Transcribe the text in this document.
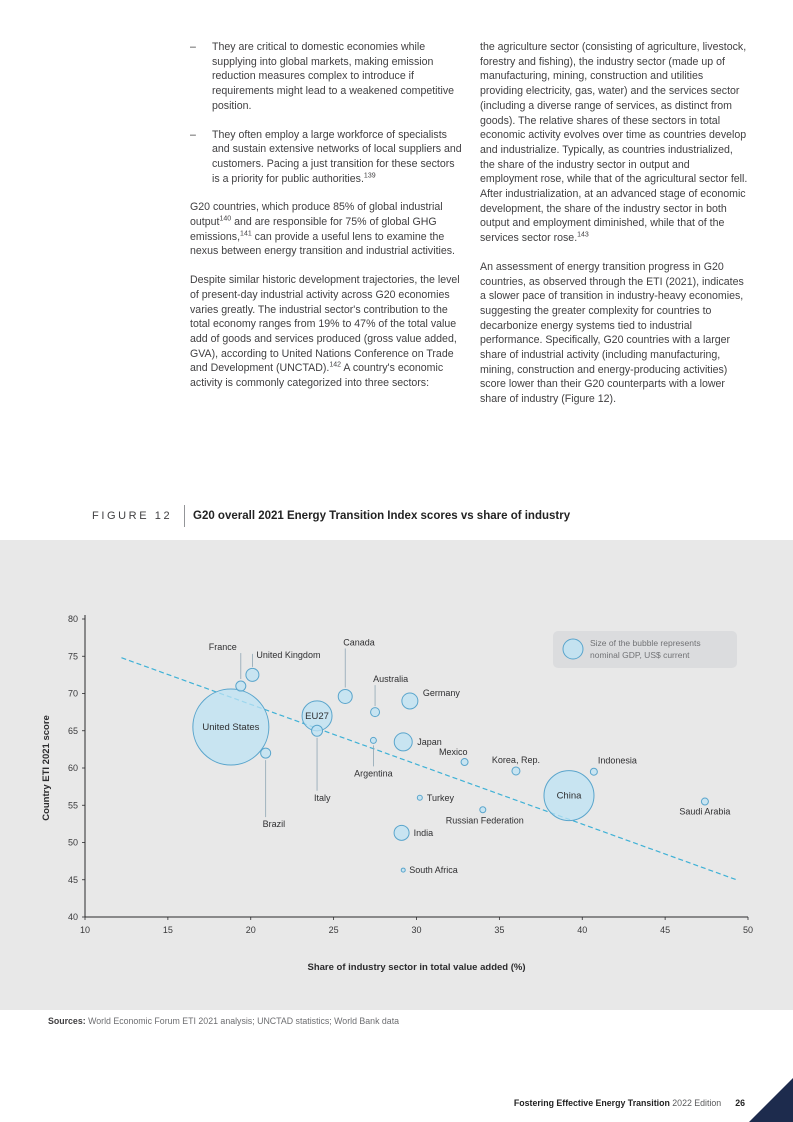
–	They are critical to domestic economies while supplying into global markets, making emission reduction measures complex to introduce if requirements might lead to a weakened competitive position.
–	They often employ a large workforce of specialists and sustain extensive networks of local suppliers and customers. Pacing a just transition for these sectors is a priority for public authorities.$^{139}$

G20 countries, which produce 85% of global industrial output$^{140}$ and are responsible for 75% of global GHG emissions,$^{141}$ can provide a useful lens to examine the nexus between energy transition and industrial activities.

Despite similar historic development trajectories, the level of present-day industrial activity across G20 economies varies greatly. The industrial sector's contribution to the total economy ranges from 19% to 47% of the total value add of goods and services produced (gross value added, GVA), according to United Nations Conference on Trade and Development (UNCTAD).$^{142}$ A country's economic activity is commonly categorized into three sectors:

the agriculture sector (consisting of agriculture, livestock, forestry and fishing), the industry sector (made up of manufacturing, mining, construction and utilities providing electricity, gas, water) and the services sector (including a diverse range of services, as distinct from goods). The relative shares of these sectors in total economic activity evolves over time as countries develop and industrialize. Typically, as countries industrialized, the share of the industry sector in output and employment rose, while that of the agricultural sector fell. After industrialization, at an advanced stage of economic development, the share of the industry sector in both output and employment diminished, while that of the services sector rose.$^{143}$

An assessment of energy transition progress in G20 countries, as observed through the ETI (2021), indicates a slower pace of transition in industry-heavy economies, suggesting the greater complexity for countries to decarbonize energy systems tied to industrial performance. Specifically, G20 countries with a larger share of industrial activity (including manufacturing, mining, construction and energy-producing activities) score lower than their G20 counterparts with a lower share of industry (Figure 12).

FIGURE 12	G20 overall 2021 Energy Transition Index scores vs share of industry
40
45
50
55
60
65
70
75
80
10	15	20	25	30	35	40	45	50
Country ETI 2021 score
Share of industry sector in total value added (%)
Size of the bubble represents
nominal GDP, US$ current
United States
China
EU27
Japan
Germany
India
Canada
United Kingdom
Italy
France
Brazil
Australia
Korea, Rep.
Mexico
Indonesia
Saudi Arabia
Argentina
Russian Federation
Turkey
South Africa
Sources: World Economic Forum ETI 2021 analysis; UNCTAD statistics; World Bank data
Fostering Effective Energy Transition 2022 Edition 26
